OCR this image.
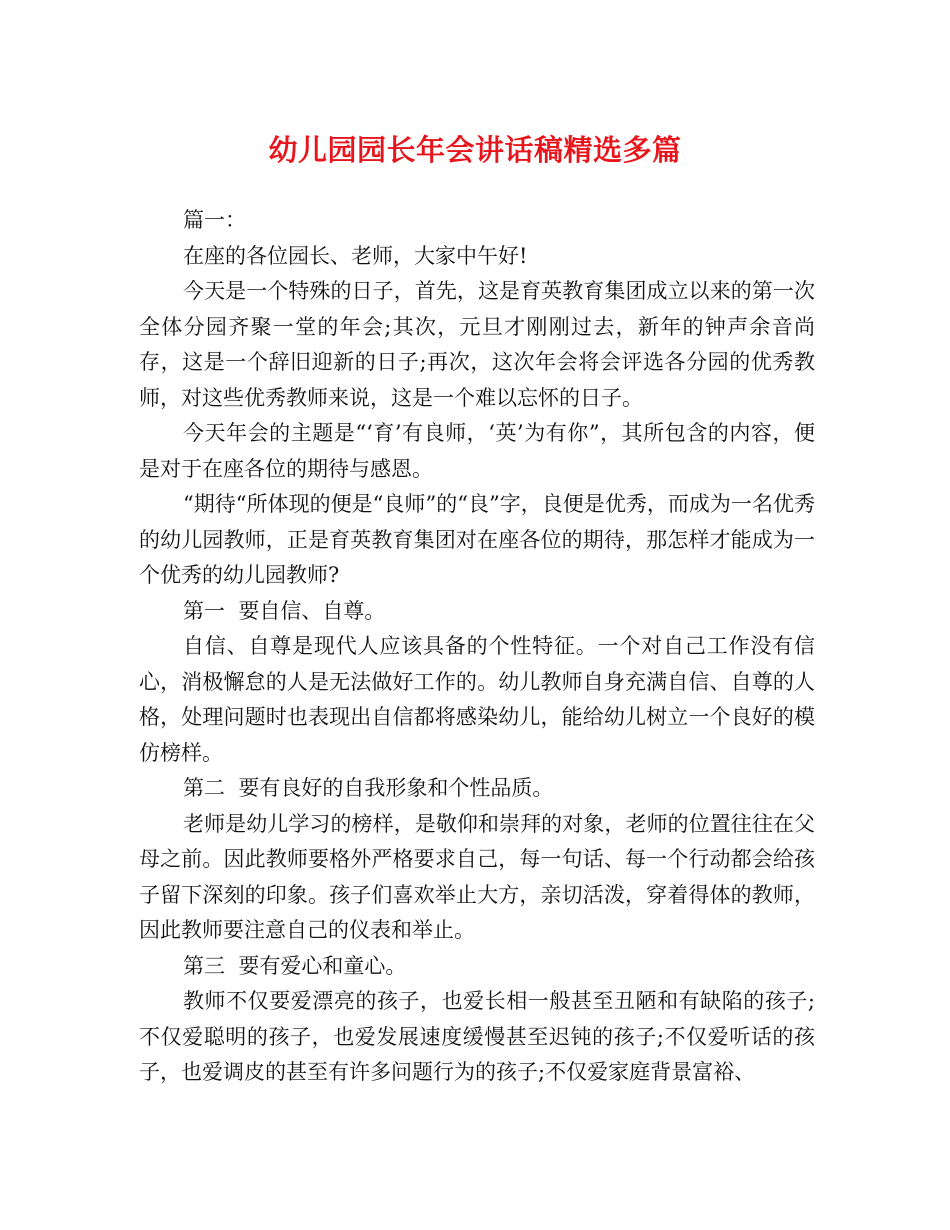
幼儿园园长年会讲话稿精选多篇

篇一：

在座的各位园长、老师，大家中午好!

今天是一个特殊的日子，首先，这是育英教育集团成立以来的第一次全体分园齐聚一堂的年会;其次，元旦才刚刚过去，新年的钟声余音尚存，这是一个辞旧迎新的日子;再次，这次年会将会评选各分园的优秀教师，对这些优秀教师来说，这是一个难以忘怀的日子。

今天年会的主题是“‘育’有良师，‘英’为有你”，其所包含的内容，便是对于在座各位的期待与感恩。

“期待“所体现的便是“良师”的“良”字，良便是优秀，而成为一名优秀的幼儿园教师，正是育英教育集团对在座各位的期待，那怎样才能成为一个优秀的幼儿园教师?

第一  要自信、自尊。

自信、自尊是现代人应该具备的个性特征。一个对自己工作没有信心，消极懈怠的人是无法做好工作的。幼儿教师自身充满自信、自尊的人格，处理问题时也表现出自信都将感染幼儿，能给幼儿树立一个良好的模仿榜样。

第二  要有良好的自我形象和个性品质。

老师是幼儿学习的榜样，是敬仰和崇拜的对象，老师的位置往往在父母之前。因此教师要格外严格要求自己，每一句话、每一个行动都会给孩子留下深刻的印象。孩子们喜欢举止大方，亲切活泼，穿着得体的教师，因此教师要注意自己的仪表和举止。

第三  要有爱心和童心。

教师不仅要爱漂亮的孩子，也爱长相一般甚至丑陋和有缺陷的孩子;不仅爱聪明的孩子，也爱发展速度缓慢甚至迟钝的孩子;不仅爱听话的孩子，也爱调皮的甚至有许多问题行为的孩子;不仅爱家庭背景富裕、
